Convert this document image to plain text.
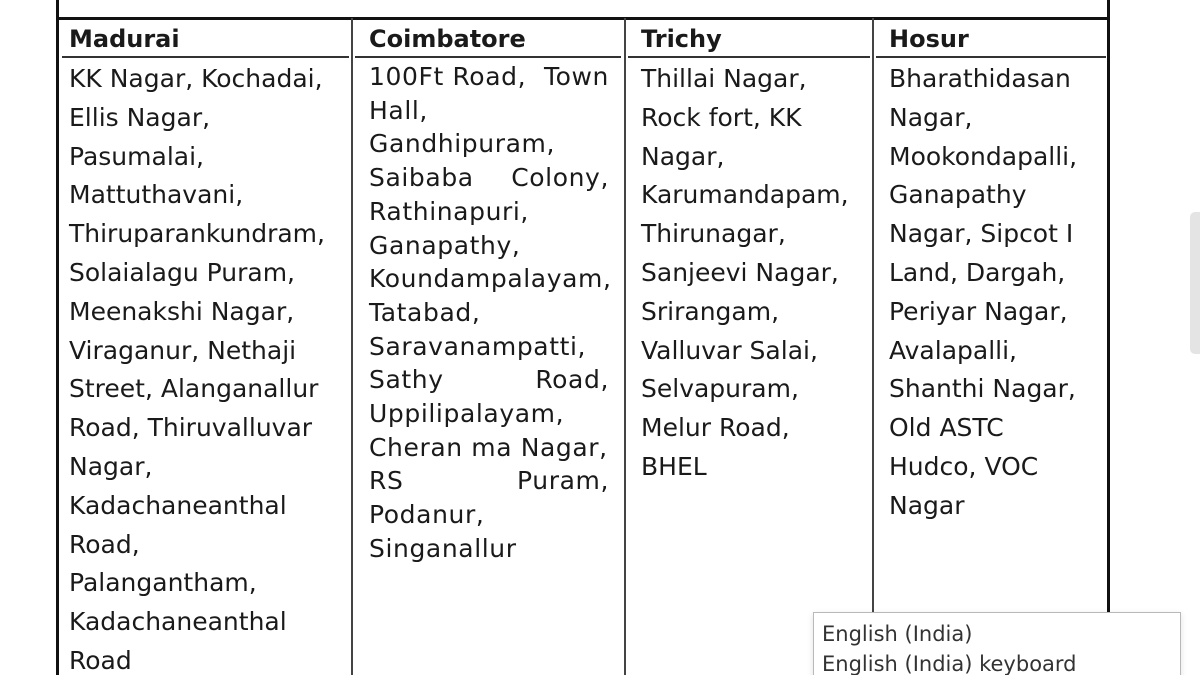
Madurai
KK Nagar, Kochadai,
Ellis Nagar,
Pasumalai,
Mattuthavani,
Thiruparankundram,
Solaialagu Puram,
Meenakshi Nagar,
Viraganur, Nethaji
Street, Alanganallur
Road, Thiruvalluvar
Nagar,
Kadachaneanthal
Road,
Palangantham,
Kadachaneanthal
Road
Coimbatore
100Ft Road, Town
Hall,
Gandhipuram,
Saibaba Colony,
Rathinapuri,
Ganapathy,
Koundampalayam,
Tatabad,
Saravanampatti,
Sathy	Road,
Uppilipalayam,
Cheran ma Nagar,
RS	Puram,
Podanur,
Singanallur
Trichy
Thillai Nagar,
Rock fort, KK
Nagar,
Karumandapam,
Thirunagar,
Sanjeevi Nagar,
Srirangam,
Valluvar Salai,
Selvapuram,
Melur Road,
BHEL
Hosur
Bharathidasan
Nagar,
Mookondapalli,
Ganapathy
Nagar, Sipcot I
Land, Dargah,
Periyar Nagar,
Avalapalli,
Shanthi Nagar,
Old ASTC
Hudco, VOC
Nagar
English (India)
English (India) keyboard
